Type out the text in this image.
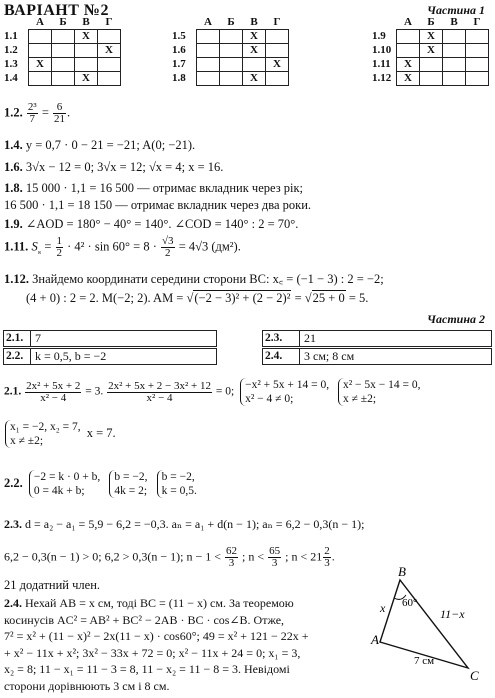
ВАРІАНТ №2	Частина 1
	А	Б	В	Г
1.1			X	
1.2				X
1.3	X			
1.4			X	
	А	Б	В	Г
1.5			X	
1.6			X	
1.7				X
1.8			X	
	А	Б	В	Г
1.9		X		
1.10		X		
1.11	X			
1.12	X			
1.2. $\frac{\text{2³}}{7} = \frac{6}{21}$ .
1.4. y = 0,7 · 0 − 21 = −21; A(0; −21).
1.6. 3√x − 12 = 0; 3√x = 12; √x = 4; x = 16.
1.8. 15 000 · 1,1 = 16 500 — отримає вкладник через рік;
16 500 · 1,1 = 18 150 — отримає вкладник через два роки.
1.9. ∠AOD = 180° − 40° = 140°. ∠COD = 140° : 2 = 70°.
1.11. $S_{_s} = \frac{1}{2} \cdot 4^2 \cdot \sin 60^\circ = 8 \cdot \frac{√3}{2} = 4√3$ (дм²).
1.12. Знайдемо координати середини сторони BC: x꜀ = (−1 − 3) : 2 = −2;
(4 + 0) : 2 = 2. M(−2; 2). AM = √(−2 − 3)² + (2 − 2)² = √25 + 0 = 5.
Частина 2
2.1. 7
2.2. k = 0,5, b = −2
2.3.	21
2.4.	3 см; 8 см
2.1. $\frac{\text{2x² + 5x + 2}}{\text{x² − 4}} = 3$. $\frac{\text{2x² + 5x + 2 − 3x² + 12}}{\text{x² − 4}} = 0$; −x² + 5x + 14 = 0,
x² − 4 ≠ 0; x² − 5x − 14 = 0,
x ≠ ±2;
x₁ = −2, x₂ = 7,
x ≠ ±2; x = 7.
2.2. −2 = k · 0 + b,
0 = 4k + b; b = −2,
4k = 2; b = −2,
k = 0,5.
2.3. d = a₂ − a₁ = 5,9 − 6,2 = −0,3. aₙ = a₁ + d(n − 1); aₙ = 6,2 − 0,3(n − 1);
6,2 − 0,3(n − 1) > 0; 6,2 > 0,3(n − 1); $n - 1 < \frac{62}{3}$ ; $n < \frac{65}{3}$ ; $n < 21 \frac{2}{3}$ .
21 додатний член.
2.4. Нехай AB = x см, тоді BC = (11 − x) см. За теоремою
косинусів AC² = AB² + BC² − 2AB · BC · cos∠B. Отже,
7² = x² + (11 − x)² − 2x(11 − x) · cos60°; 49 = x² + 121 − 22x +
+ x² − 11x + x²; 3x² − 33x + 72 = 0; x² − 11x + 24 = 0; x₁ = 3,
x₂ = 8; 11 − x₁ = 11 − 3 = 8, 11 − x₂ = 11 − 8 = 3. Невідомі
сторони дорівнюють 3 см і 8 см.
A
B
C
x	11−x
7 см
60°
